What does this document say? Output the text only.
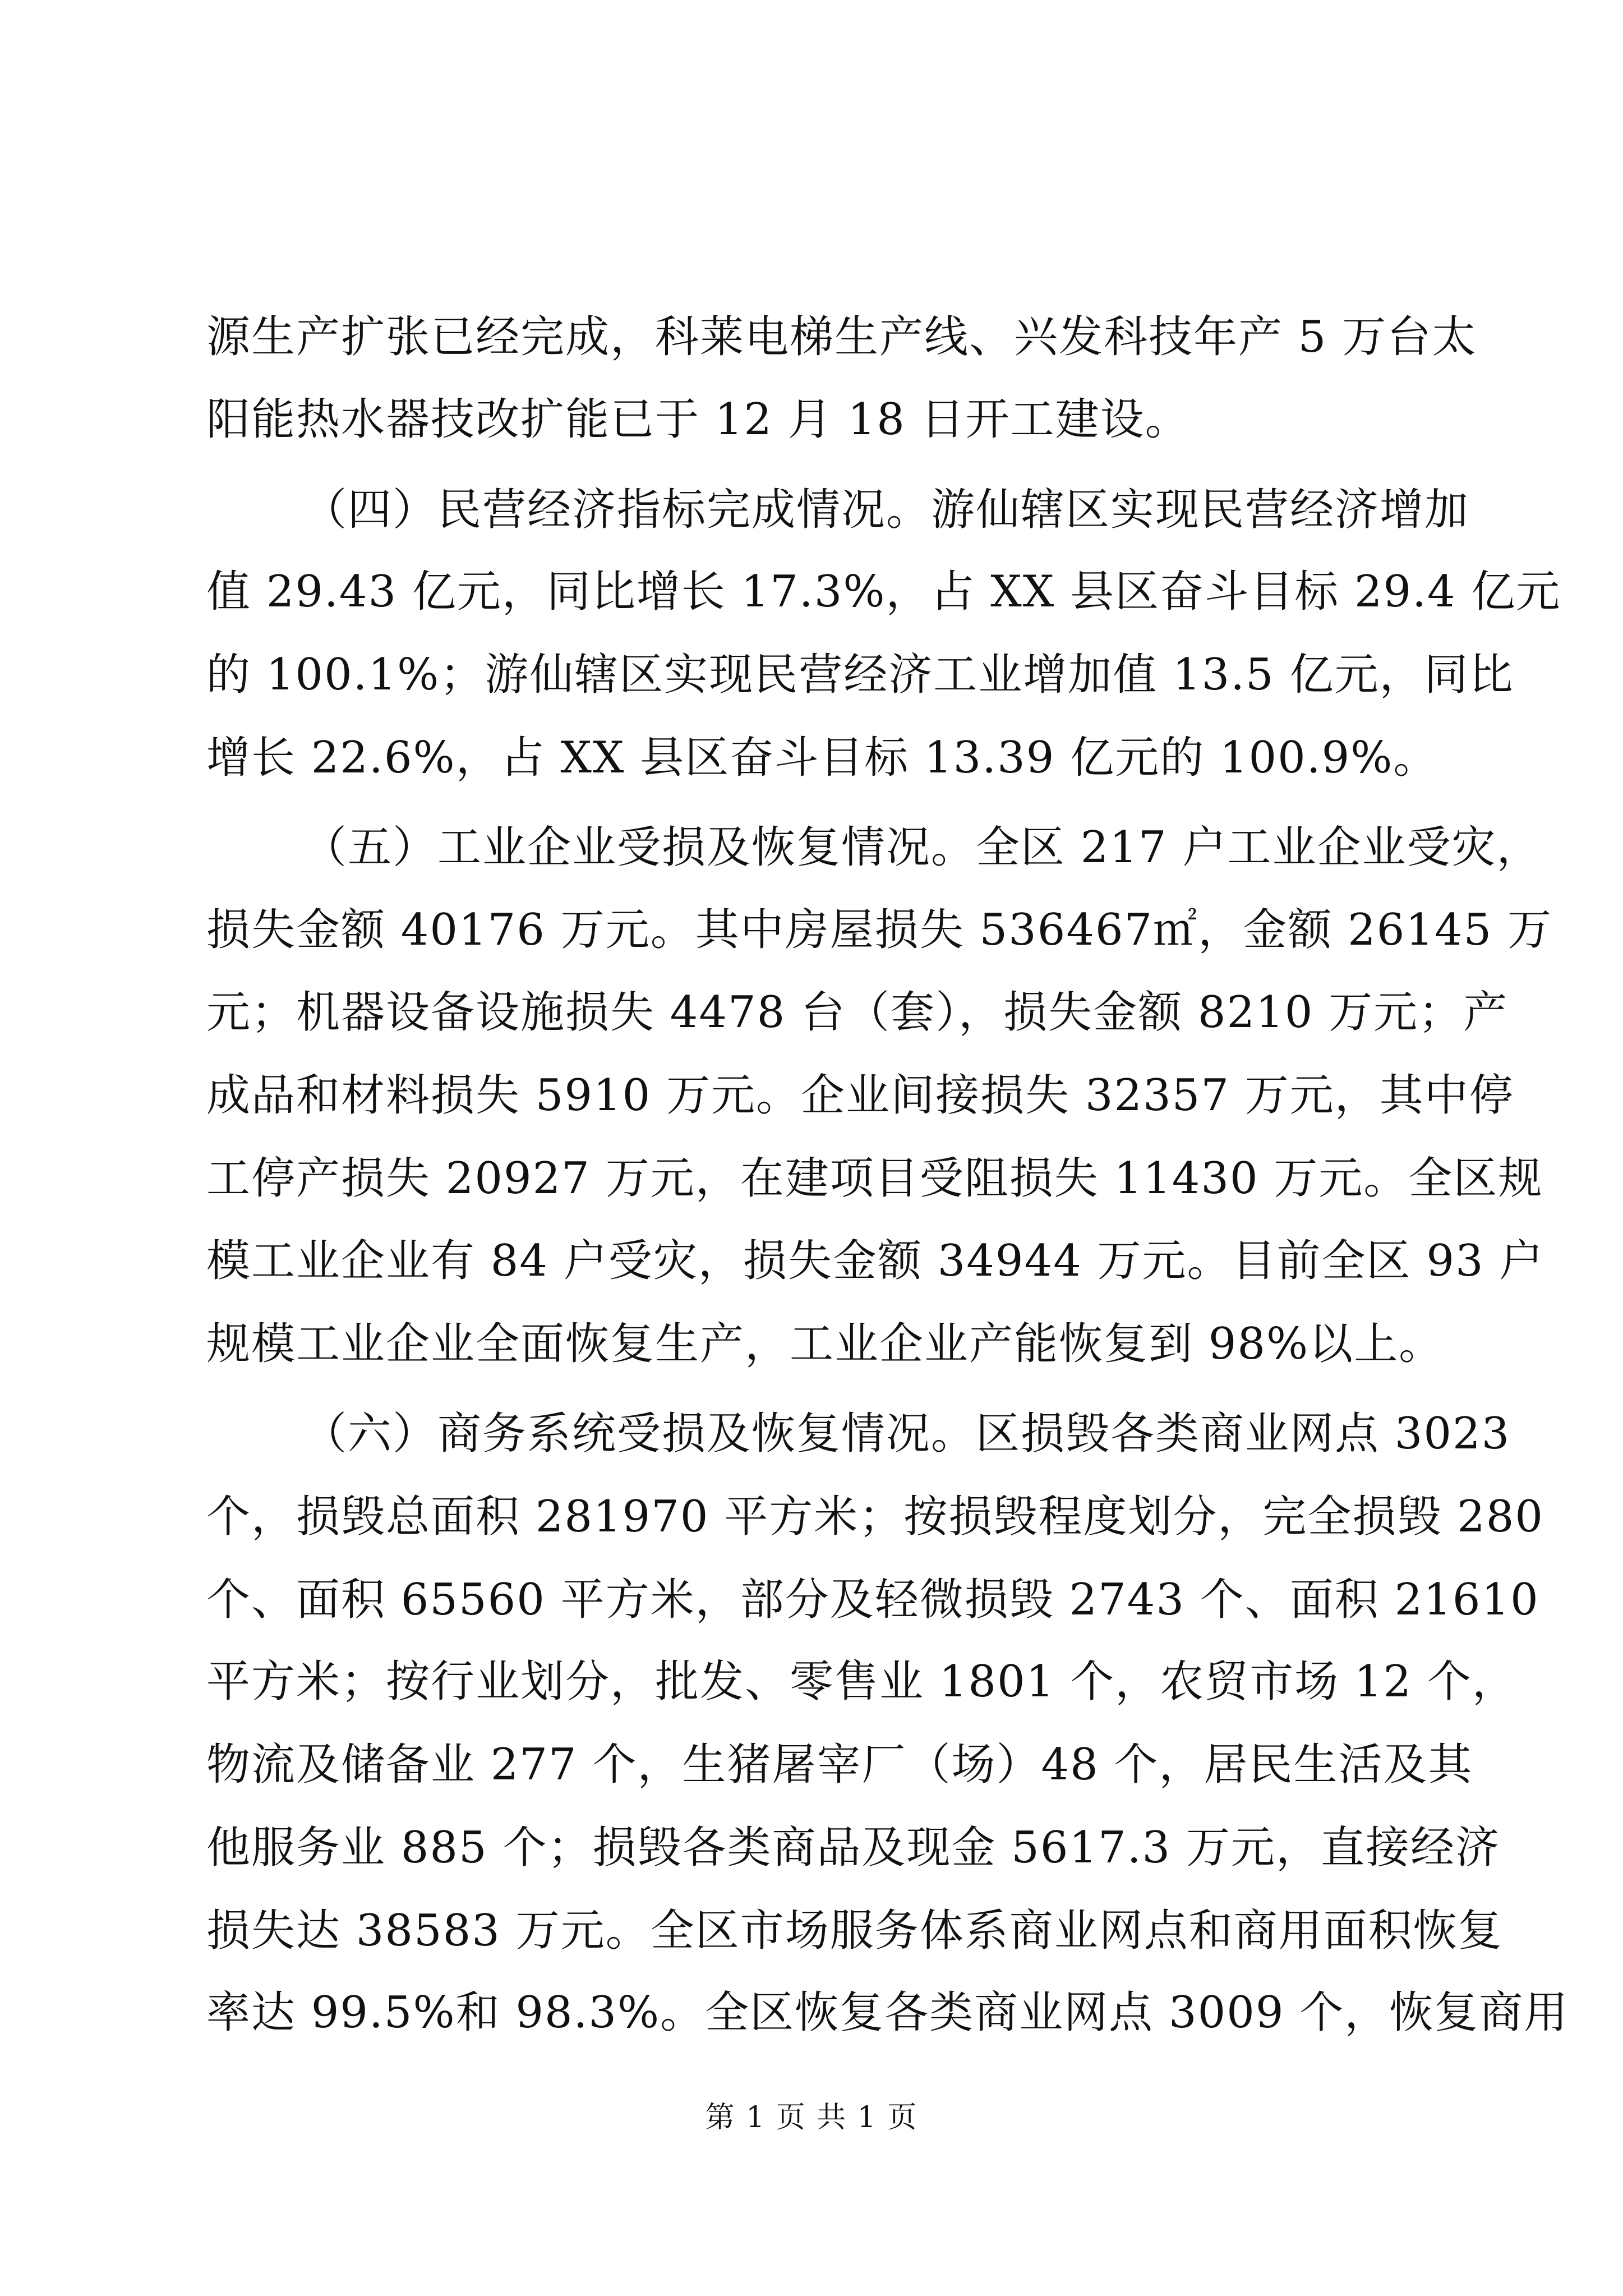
源生产扩张已经完成，科莱电梯生产线、兴发科技年产 5 万台太
阳能热水器技改扩能已于 12 月 18 日开工建设。
（四）民营经济指标完成情况。游仙辖区实现民营经济增加
值 29.43 亿元，同比增长 17.3%，占 XX 县区奋斗目标 29.4 亿元
的 100.1%；游仙辖区实现民营经济工业增加值 13.5 亿元，同比
增长 22.6%，占 XX 县区奋斗目标 13.39 亿元的 100.9%。
（五）工业企业受损及恢复情况。全区 217 户工业企业受灾，
损失金额 40176 万元。其中房屋损失 536467㎡，金额 26145 万
元；机器设备设施损失 4478 台（套），损失金额 8210 万元；产
成品和材料损失 5910 万元。企业间接损失 32357 万元，其中停
工停产损失 20927 万元，在建项目受阻损失 11430 万元。全区规
模工业企业有 84 户受灾，损失金额 34944 万元。目前全区 93 户
规模工业企业全面恢复生产，工业企业产能恢复到 98%以上。
（六）商务系统受损及恢复情况。区损毁各类商业网点 3023
个，损毁总面积 281970 平方米；按损毁程度划分，完全损毁 280
个、面积 65560 平方米，部分及轻微损毁 2743 个、面积 21610
平方米；按行业划分，批发、零售业 1801 个，农贸市场 12 个，
物流及储备业 277 个，生猪屠宰厂（场）48 个，居民生活及其
他服务业 885 个；损毁各类商品及现金 5617.3 万元，直接经济
损失达 38583 万元。全区市场服务体系商业网点和商用面积恢复
率达 99.5%和 98.3%。全区恢复各类商业网点 3009 个，恢复商用
第 1 页 共 1 页
